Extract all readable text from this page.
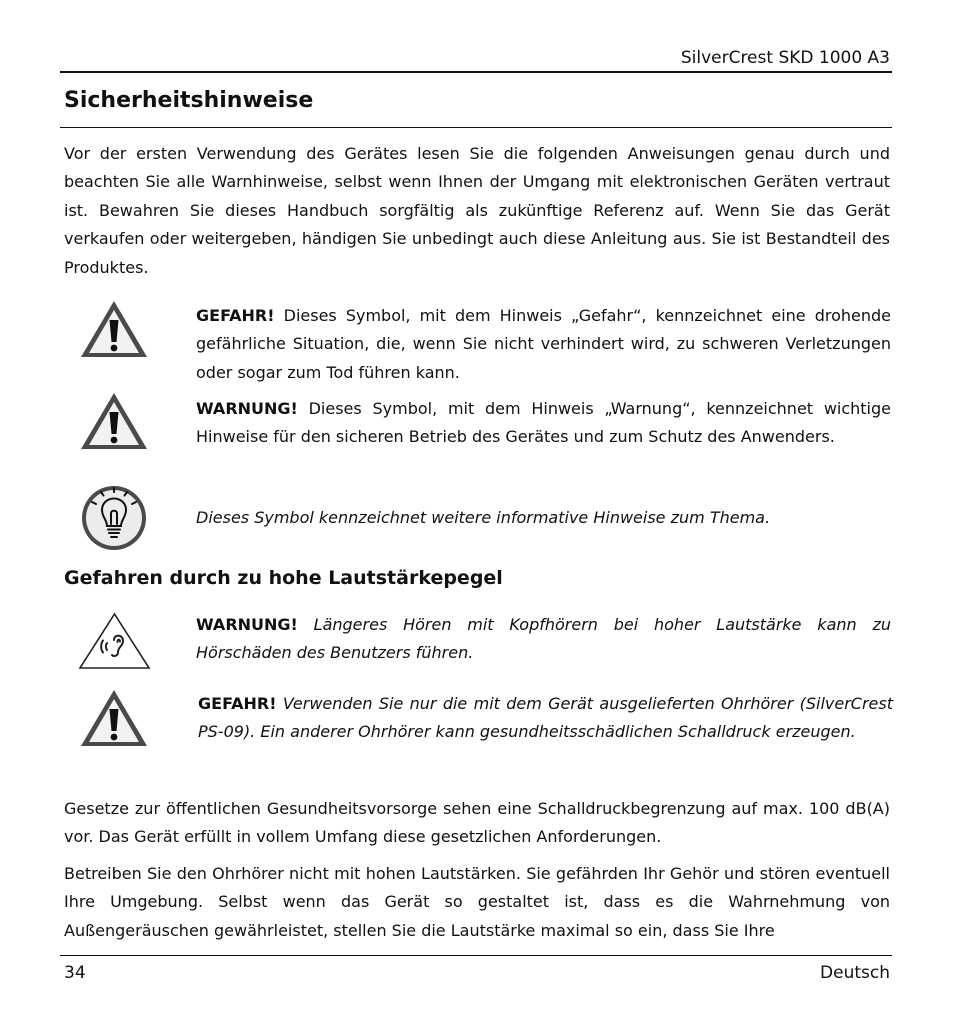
SilverCrest SKD 1000 A3
Sicherheitshinweise

Vor der ersten Verwendung des Gerätes lesen Sie die folgenden Anweisungen genau durch und beachten Sie alle Warnhinweise, selbst wenn Ihnen der Umgang mit elektronischen Geräten vertraut ist. Bewahren Sie dieses Handbuch sorgfältig als zukünftige Referenz auf. Wenn Sie das Gerät verkaufen oder weitergeben, händigen Sie unbedingt auch diese Anleitung aus. Sie ist Bestandteil des Produktes.

GEFAHR! Dieses Symbol, mit dem Hinweis „Gefahr“, kennzeichnet eine drohende gefährliche Situation, die, wenn Sie nicht verhindert wird, zu schweren Verletzungen oder sogar zum Tod führen kann.

WARNUNG! Dieses Symbol, mit dem Hinweis „Warnung“, kennzeichnet wichtige Hinweise für den sicheren Betrieb des Gerätes und zum Schutz des Anwenders.

Dieses Symbol kennzeichnet weitere informative Hinweise zum Thema.

Gefahren durch zu hohe Lautstärkepegel

WARNUNG! Längeres Hören mit Kopfhörern bei hoher Lautstärke kann zu Hörschäden des Benutzers führen.

GEFAHR! Verwenden Sie nur die mit dem Gerät ausgelieferten Ohrhörer (SilverCrest PS-09). Ein anderer Ohrhörer kann gesundheitsschädlichen Schalldruck erzeugen.

Gesetze zur öffentlichen Gesundheitsvorsorge sehen eine Schalldruckbegrenzung auf max. 100 dB(A) vor. Das Gerät erfüllt in vollem Umfang diese gesetzlichen Anforderungen.

Betreiben Sie den Ohrhörer nicht mit hohen Lautstärken. Sie gefährden Ihr Gehör und stören eventuell Ihre Umgebung. Selbst wenn das Gerät so gestaltet ist, dass es die Wahrnehmung von Außengeräuschen gewährleistet, stellen Sie die Lautstärke maximal so ein, dass Sie Ihre

34	Deutsch
